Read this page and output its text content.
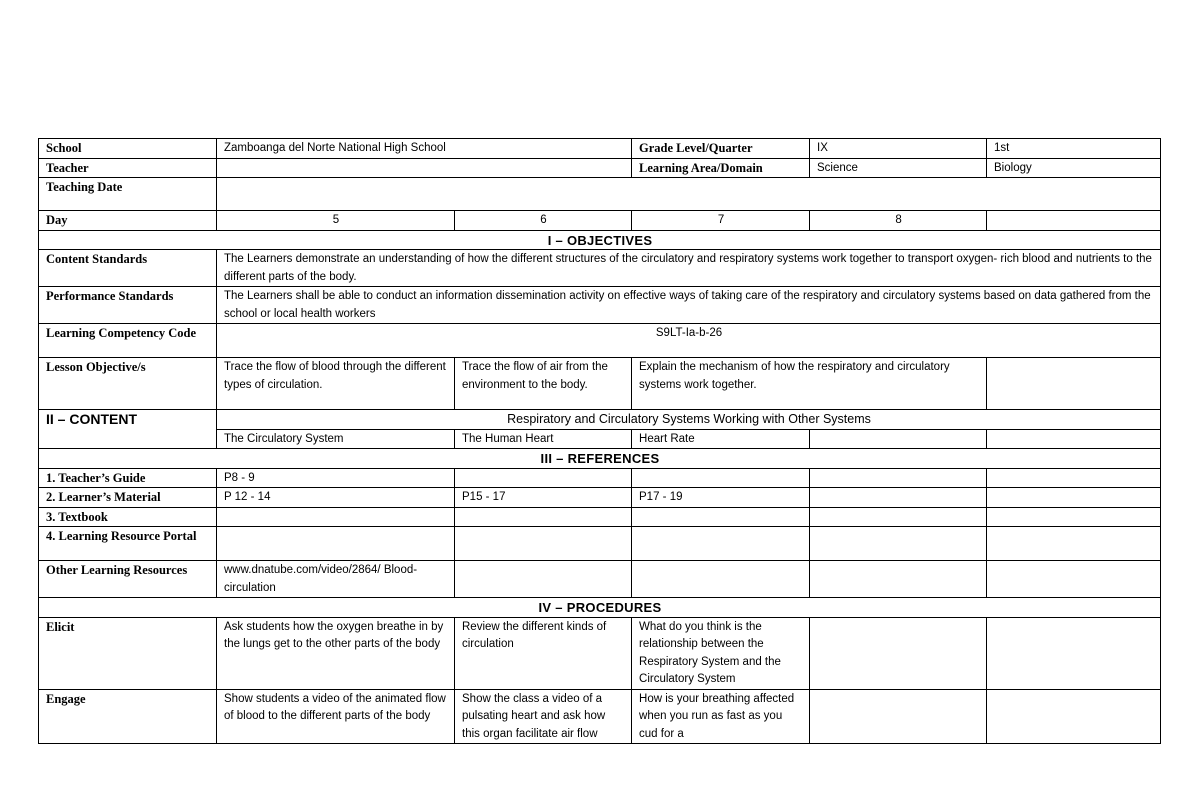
School	Zamboanga del Norte National High School		Grade Level/Quarter	IX	1st
Teacher			Learning Area/Domain	Science	Biology
Teaching Date					
Day	5	6	7	8	
I – OBJECTIVES					
Content Standards	The Learners demonstrate an understanding of how the different structures of the circulatory and respiratory systems work together to transport oxygen- rich blood and nutrients to the different parts of the body.				
Performance Standards	The Learners shall be able to conduct an information dissemination activity on effective ways of taking care of the respiratory and circulatory systems based on data gathered from the school or local health workers				
Learning Competency Code	S9LT-Ia-b-26				
Lesson Objective/s	Trace the flow of blood through the different types of circulation.	Trace the flow of air from the environment to the body.	Explain the mechanism of how the respiratory and circulatory systems work together.		
II – CONTENT	Respiratory and Circulatory Systems Working with Other Systems				
	The Circulatory System	The Human Heart	Heart Rate		
III – REFERENCES					
1. Teacher’s Guide	P8 - 9				
2. Learner’s Material	P 12 - 14	P15 - 17	P17 - 19		
3. Textbook					
4. Learning Resource Portal					
Other Learning Resources	www.dnatube.com/video/2864/ Blood-circulation				
IV – PROCEDURES					
Elicit	Ask students how the oxygen breathe in by the lungs get to the other parts of the body	Review the different kinds of circulation	What do you think is the relationship between the Respiratory System and the Circulatory System		
Engage	Show students a video of the animated flow of blood to the different parts of the body	Show the class a video of a pulsating heart and ask how this organ facilitate air flow	How is your breathing affected when you run as fast as you cud for a		
